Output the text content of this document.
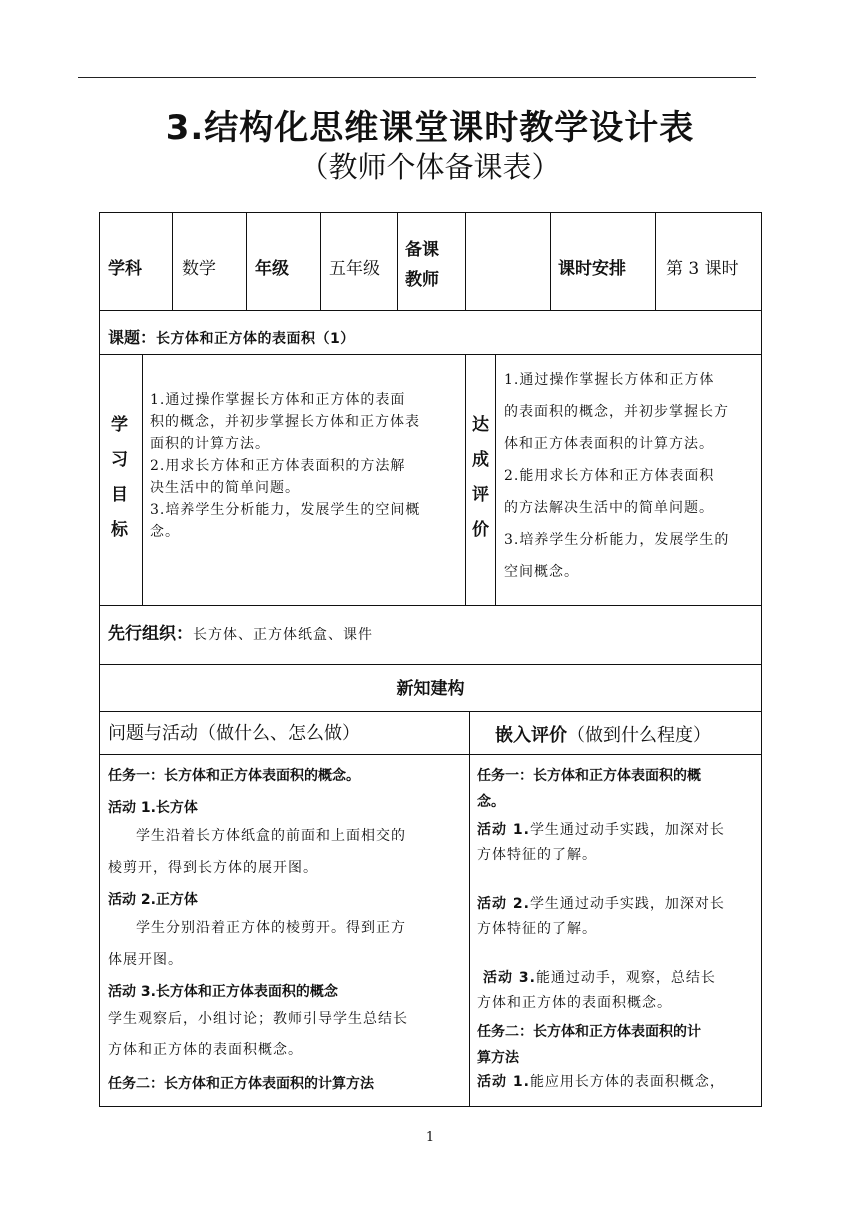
3.结构化思维课堂课时教学设计表
（教师个体备课表）
学科 数学 年级 五年级
备课
教师
课时安排 第 3 课时
课题：长方体和正方体的表面积（1）
学
习
目
标
1.通过操作掌握长方体和正方体的表面
积的概念，并初步掌握长方体和正方体表
面积的计算方法。
2.用求长方体和正方体表面积的方法解
决生活中的简单问题。
3.培养学生分析能力，发展学生的空间概
念。
达
成
评
价
1.通过操作掌握长方体和正方体
的表面积的概念，并初步掌握长方
体和正方体表面积的计算方法。
2.能用求长方体和正方体表面积
的方法解决生活中的简单问题。
3.培养学生分析能力，发展学生的
空间概念。
先行组织：长方体、正方体纸盒、课件
新知建构
问题与活动（做什么、怎么做）	嵌入评价（做到什么程度）
任务一：长方体和正方体表面积的概念。
活动 1.长方体
学生沿着长方体纸盒的前面和上面相交的
棱剪开，得到长方体的展开图。
活动 2.正方体
学生分别沿着正方体的棱剪开。得到正方
体展开图。
活动 3.长方体和正方体表面积的概念
学生观察后，小组讨论；教师引导学生总结长
方体和正方体的表面积概念。
任务二：长方体和正方体表面积的计算方法
任务一：长方体和正方体表面积的概
念。
活动 1.学生通过动手实践，加深对长
方体特征的了解。
活动 2.学生通过动手实践，加深对长
方体特征的了解。
活动 3.能通过动手，观察，总结长
方体和正方体的表面积概念。
任务二：长方体和正方体表面积的计
算方法
活动 1.能应用长方体的表面积概念，
1
